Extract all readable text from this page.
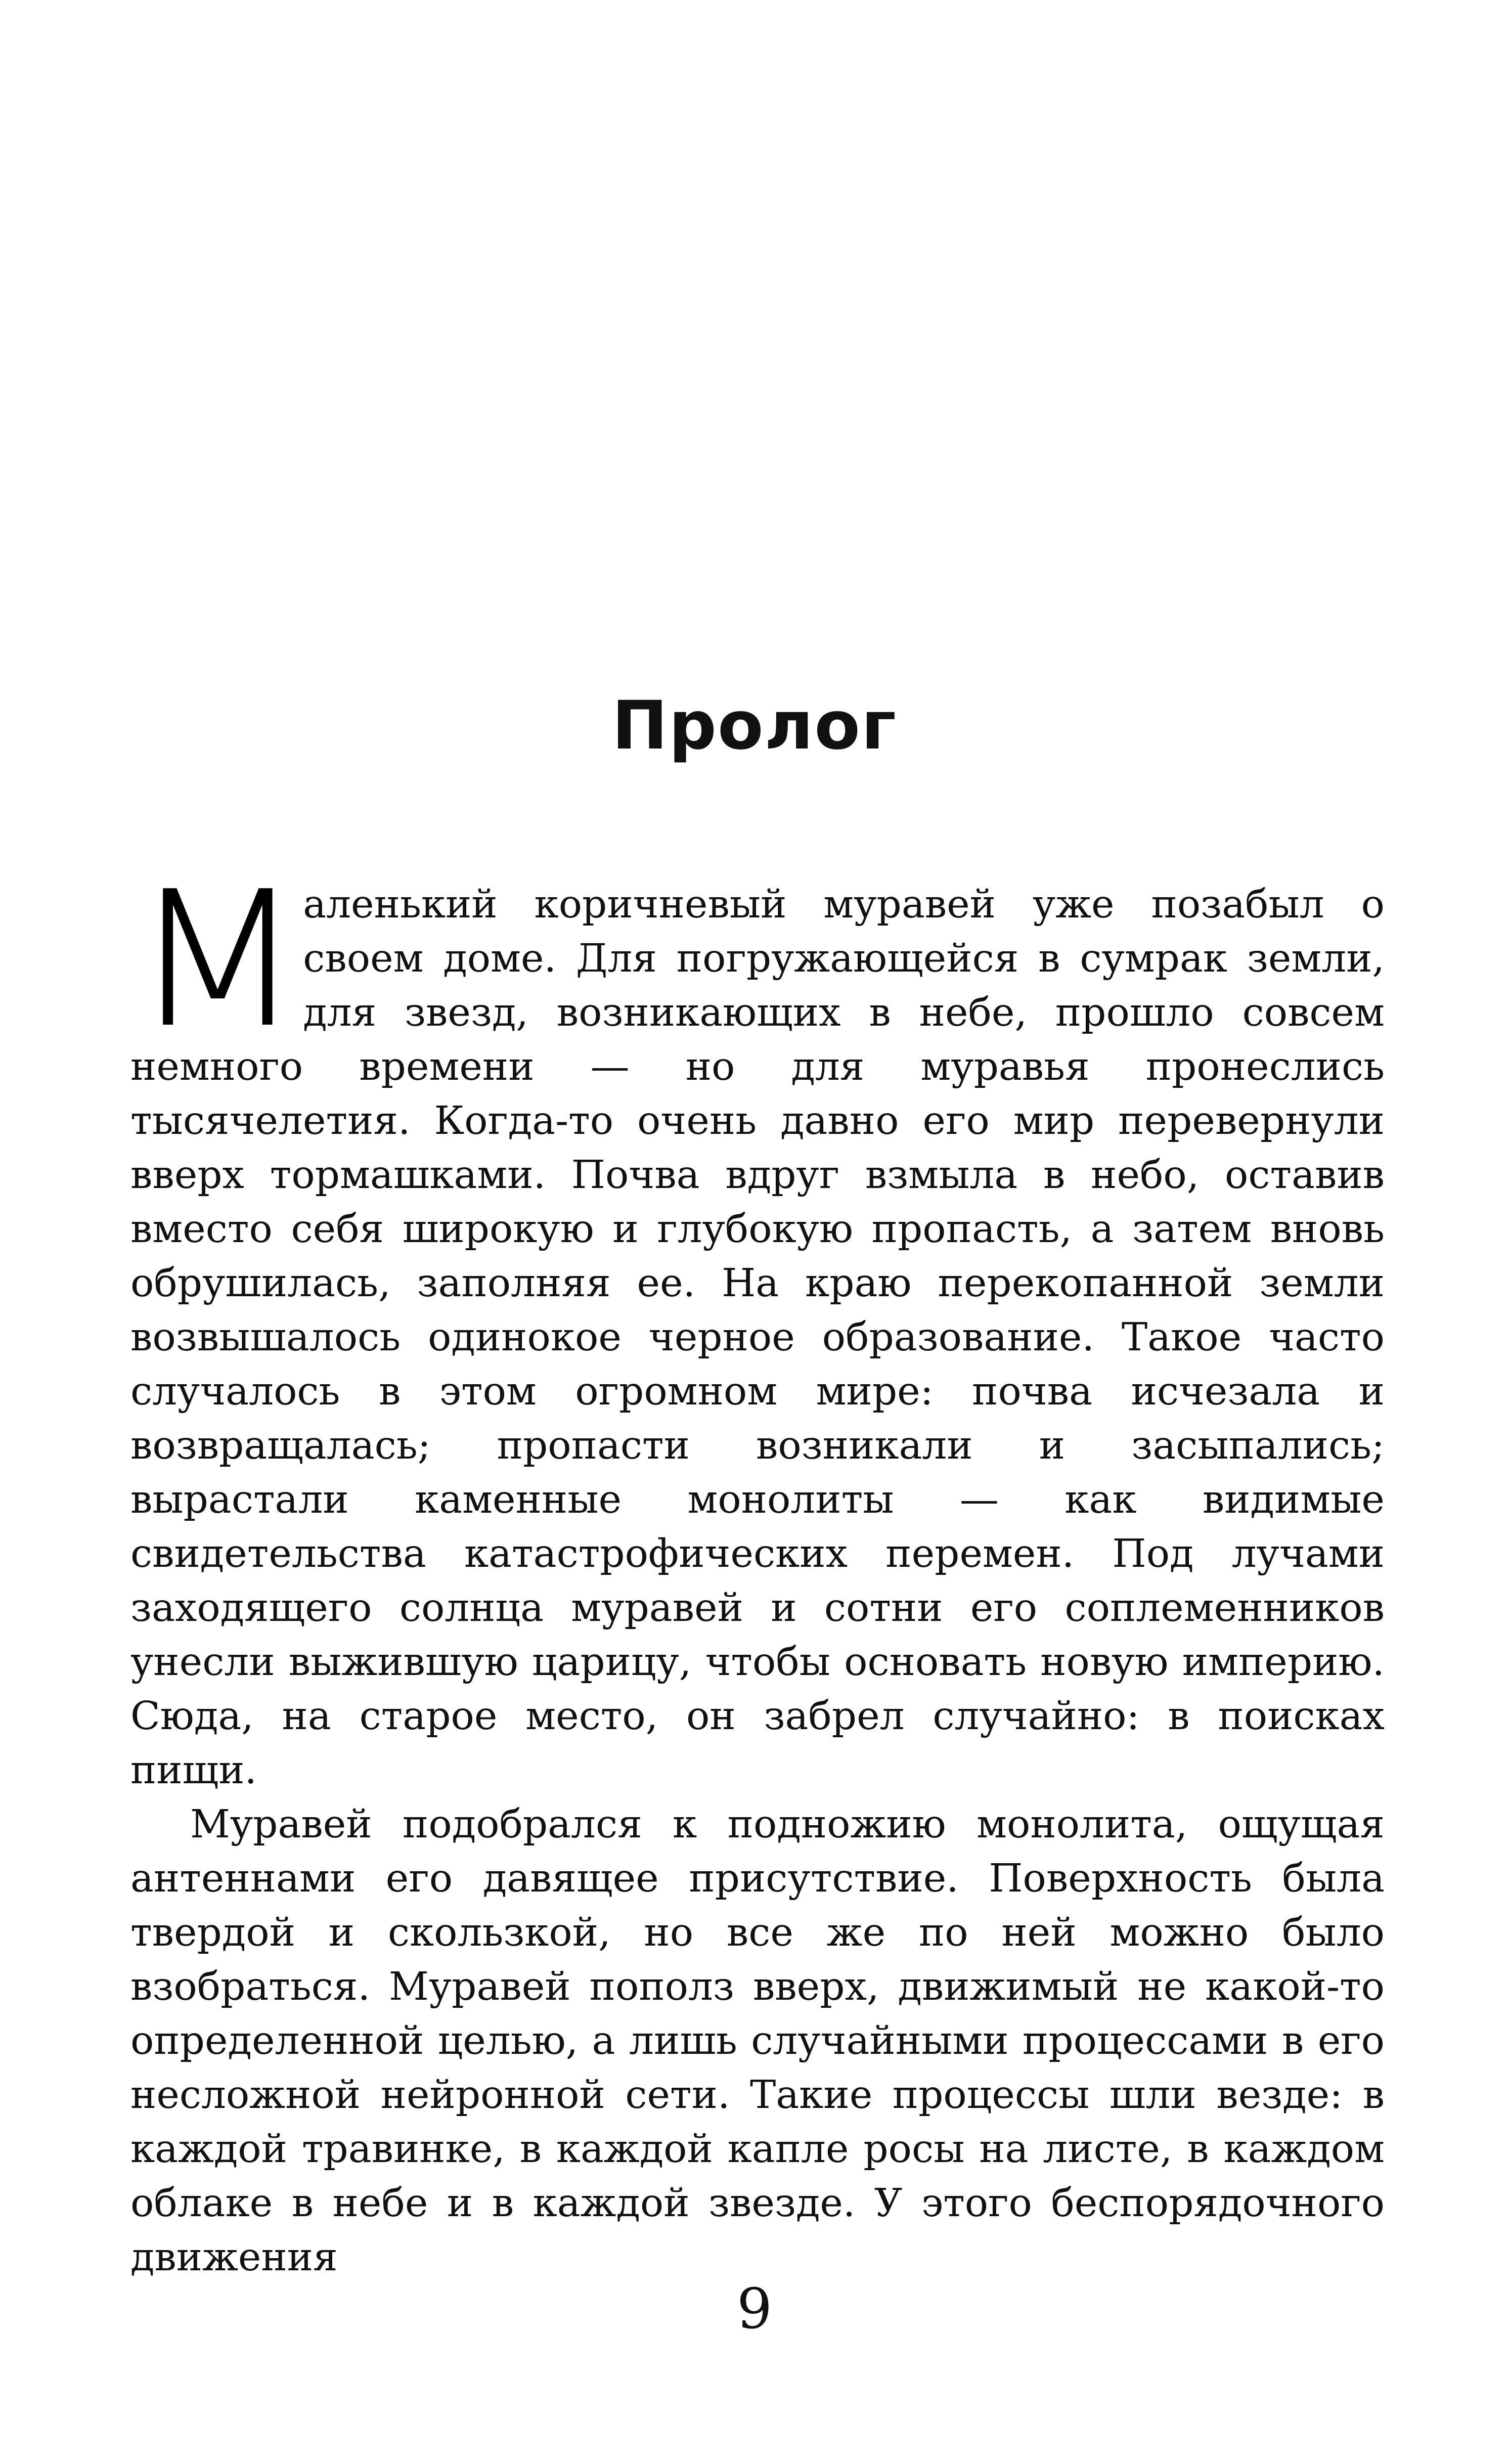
Пролог

М
аленький коричневый муравей уже позабыл о своем доме. Для погружающейся в сумрак земли, для звезд, возникающих в небе, прошло совсем немного времени — но для муравья пронеслись тысячелетия. Когда-то очень давно его мир перевернули вверх тормашками. Почва вдруг взмыла в небо, оставив вместо себя широкую и глубокую пропасть, а затем вновь обрушилась, заполняя ее. На краю перекопанной земли возвышалось одинокое черное образование. Такое часто случалось в этом огромном мире: почва исчезала и возвращалась; пропасти возникали и засыпались; вырастали каменные монолиты — как видимые свидетельства катастрофических перемен. Под лучами заходящего солнца муравей и сотни его соплеменников унесли выжившую царицу, чтобы основать новую империю. Сюда, на старое место, он забрел случайно: в поисках пищи.

Муравей подобрался к подножию монолита, ощущая антеннами его давящее присутствие. Поверхность была твердой и скользкой, но все же по ней можно было взобраться. Муравей пополз вверх, движимый не какой-то определенной целью, а лишь случайными процессами в его несложной нейронной сети. Такие процессы шли везде: в каждой травинке, в каждой капле росы на листе, в каждом облаке в небе и в каждой звезде. У этого беспорядочного движения

9
